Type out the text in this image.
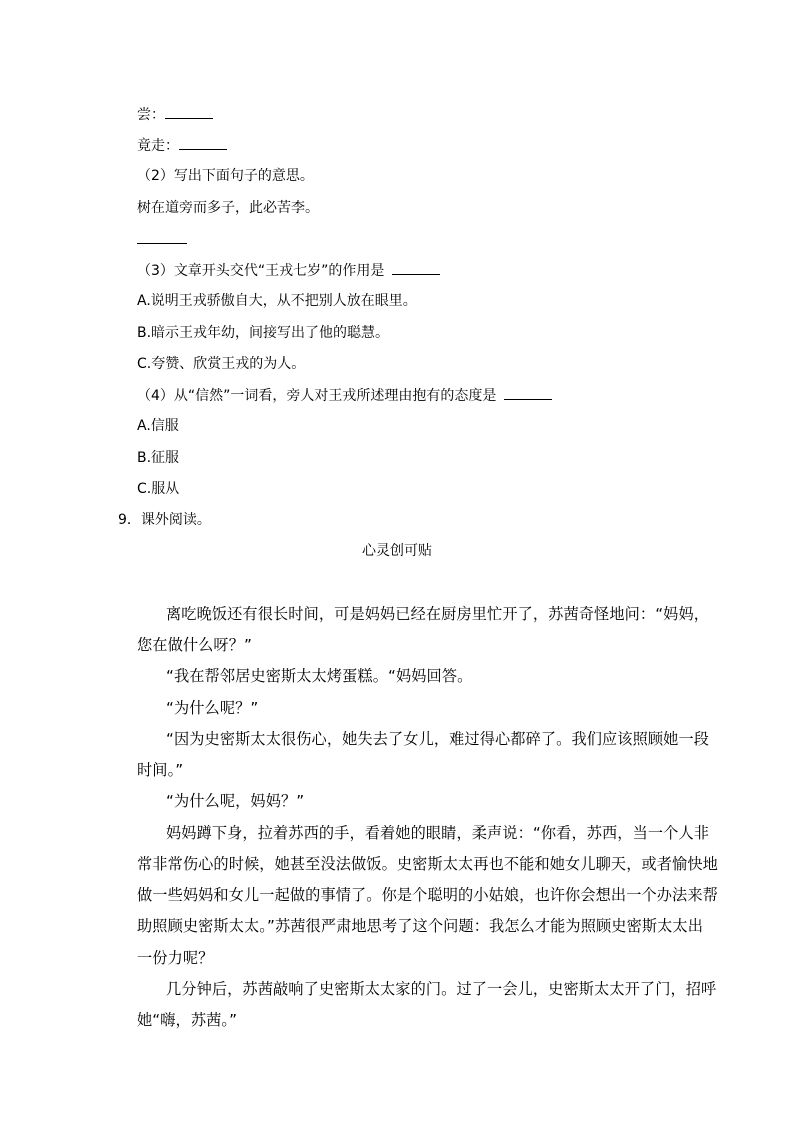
尝：
竟走：
（2）写出下面句子的意思。
树在道旁而多子，此必苦李。
（3）文章开头交代“王戎七岁”的作用是
A.说明王戎骄傲自大，从不把别人放在眼里。
B.暗示王戎年幼，间接写出了他的聪慧。
C.夸赞、欣赏王戎的为人。
（4）从“信然”一词看，旁人对王戎所述理由抱有的态度是
A.信服
B.征服
C.服从
9．课外阅读。
心灵创可贴
离吃晚饭还有很长时间，可是妈妈已经在厨房里忙开了，苏茜奇怪地问：“妈妈，
您在做什么呀？”
“我在帮邻居史密斯太太烤蛋糕。“妈妈回答。
“为什么呢？”
“因为史密斯太太很伤心，她失去了女儿，难过得心都碎了。我们应该照顾她一段
时间。”
“为什么呢，妈妈？”
妈妈蹲下身，拉着苏西的手，看着她的眼睛，柔声说：“你看，苏西，当一个人非
常非常伤心的时候，她甚至没法做饭。史密斯太太再也不能和她女儿聊天，或者愉快地
做一些妈妈和女儿一起做的事情了。你是个聪明的小姑娘，也许你会想出一个办法来帮
助照顾史密斯太太。”苏茜很严肃地思考了这个问题：我怎么才能为照顾史密斯太太出
一份力呢？
几分钟后，苏茜敲响了史密斯太太家的门。过了一会儿，史密斯太太开了门，招呼
她“嗨，苏茜。”
